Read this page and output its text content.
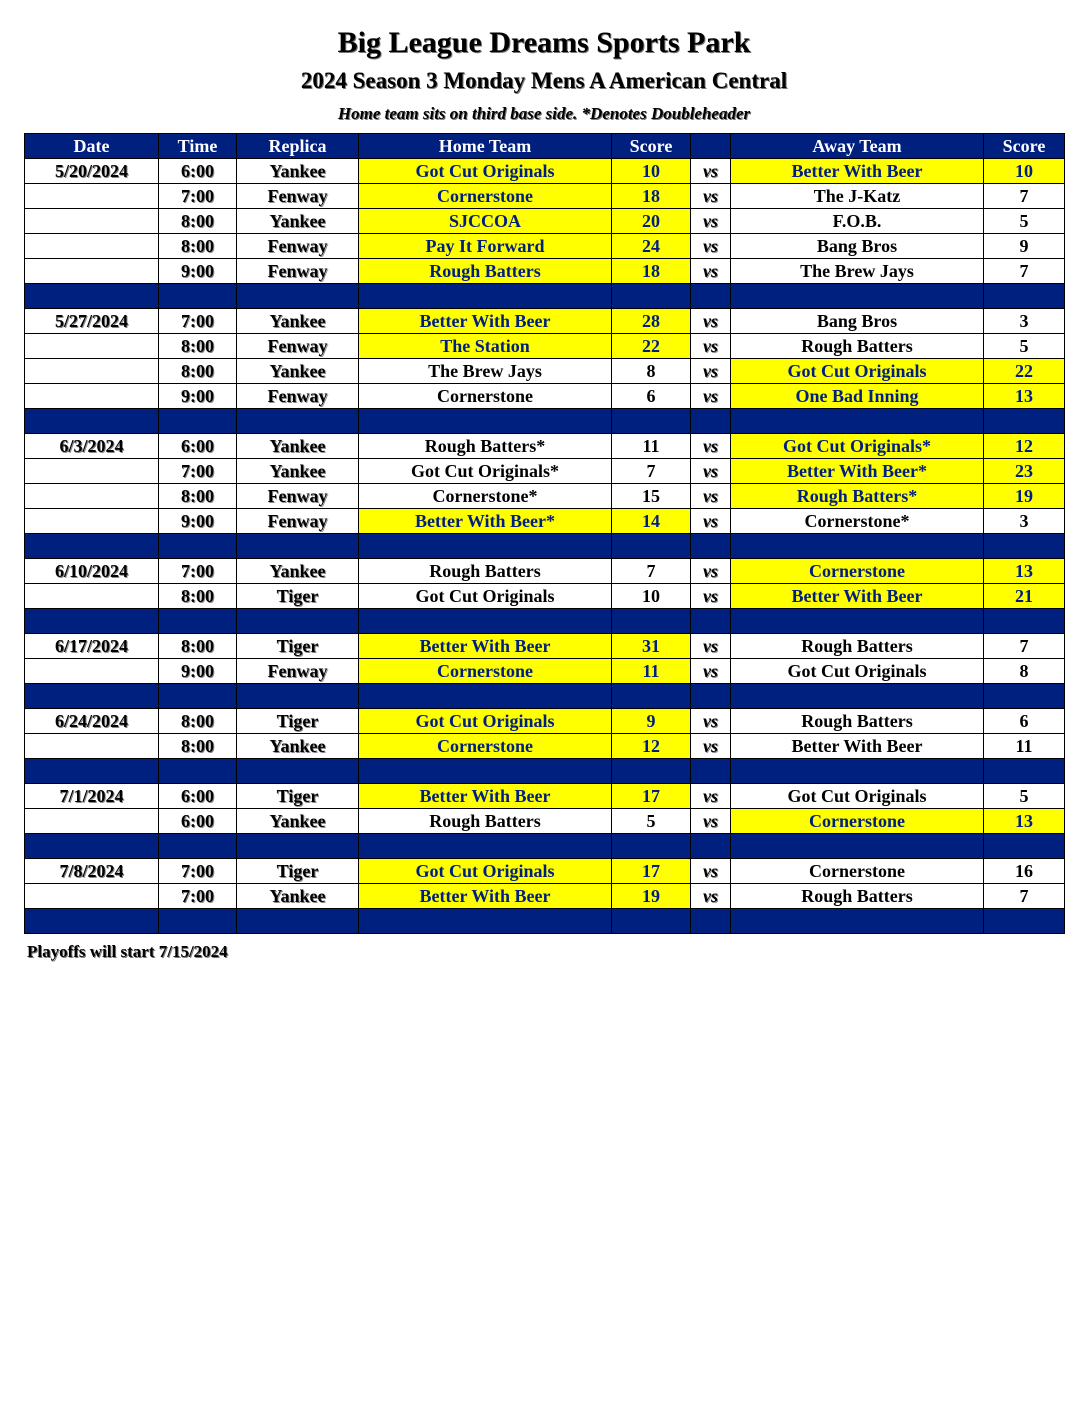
Big League Dreams Sports Park
2024 Season 3 Monday Mens A American Central
Home team sits on third base side. *Denotes Doubleheader
Date	Time	Replica	Home Team	Score		Away Team	Score
5/20/2024	6:00	Yankee	Got Cut Originals	10	vs	Better With Beer	10
	7:00	Fenway	Cornerstone	18	vs	The J-Katz	7
	8:00	Yankee	SJCCOA	20	vs	F.O.B.	5
	8:00	Fenway	Pay It Forward	24	vs	Bang Bros	9
	9:00	Fenway	Rough Batters	18	vs	The Brew Jays	7

5/27/2024	7:00	Yankee	Better With Beer	28	vs	Bang Bros	3
	8:00	Fenway	The Station	22	vs	Rough Batters	5
	8:00	Yankee	The Brew Jays	8	vs	Got Cut Originals	22
	9:00	Fenway	Cornerstone	6	vs	One Bad Inning	13

6/3/2024	6:00	Yankee	Rough Batters*	11	vs	Got Cut Originals*	12
	7:00	Yankee	Got Cut Originals*	7	vs	Better With Beer*	23
	8:00	Fenway	Cornerstone*	15	vs	Rough Batters*	19
	9:00	Fenway	Better With Beer*	14	vs	Cornerstone*	3

6/10/2024	7:00	Yankee	Rough Batters	7	vs	Cornerstone	13
	8:00	Tiger	Got Cut Originals	10	vs	Better With Beer	21

6/17/2024	8:00	Tiger	Better With Beer	31	vs	Rough Batters	7
	9:00	Fenway	Cornerstone	11	vs	Got Cut Originals	8

6/24/2024	8:00	Tiger	Got Cut Originals	9	vs	Rough Batters	6
	8:00	Yankee	Cornerstone	12	vs	Better With Beer	11

7/1/2024	6:00	Tiger	Better With Beer	17	vs	Got Cut Originals	5
	6:00	Yankee	Rough Batters	5	vs	Cornerstone	13

7/8/2024	7:00	Tiger	Got Cut Originals	17	vs	Cornerstone	16
	7:00	Yankee	Better With Beer	19	vs	Rough Batters	7

Playoffs will start 7/15/2024
